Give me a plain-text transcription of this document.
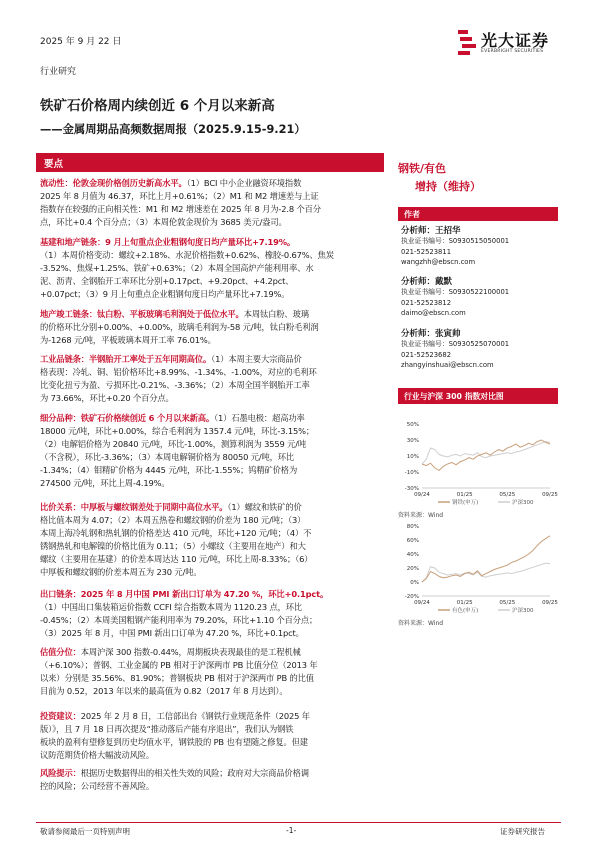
2025 年 9 月 22 日
行业研究
光大证券
EVERBRIGHT SECURITIES
铁矿石价格周内续创近 6 个月以来新高
——金属周期品高频数据周报（2025.9.15-9.21）
要点
流动性：伦敦金现价格创历史新高水平。（1）BCI 中小企业融资环境指数
2025 年 8 月值为 46.37，环比上月+0.61%；（2）M1 和 M2 增速差与上证
指数存在较强的正向相关性：M1 和 M2 增速差在 2025 年 8 月为-2.8 个百分
点，环比+0.4 个百分点；（3）本周伦敦金现价为 3685 美元/盎司。
基建和地产链条：9 月上旬重点企业粗钢旬度日均产量环比+7.19%。
（1）本周价格变动：螺纹+2.18%、水泥价格指数+0.62%、橡胶-0.67%、焦炭
-3.52%、焦煤+1.25%、铁矿+0.63%；（2）本周全国高炉产能利用率、水
泥、沥青、全钢胎开工率环比分别+0.17pct、+9.20pct、+4.2pct、
+0.07pct；（3）9 月上旬重点企业粗钢旬度日均产量环比+7.19%。
地产竣工链条：钛白粉、平板玻璃毛利润处于低位水平。本周钛白粉、玻璃
的价格环比分别+0.00%、+0.00%，玻璃毛利润为-58 元/吨，钛白粉毛利润
为-1268 元/吨，平板玻璃本周开工率 76.01%。
工业品链条：半钢胎开工率处于五年同期高位。（1）本周主要大宗商品价
格表现：冷轧、铜、铝价格环比+8.99%、-1.34%、-1.00%，对应的毛利环
比变化扭亏为盈、亏损环比-0.21%、-3.36%；（2）本周全国半钢胎开工率
为 73.66%，环比+0.20 个百分点。
细分品种：铁矿石价格续创近 6 个月以来新高。（1）石墨电极：超高功率
18000 元/吨，环比+0.00%，综合毛利润为 1357.4 元/吨，环比-3.15%；
（2）电解铝价格为 20840 元/吨，环比-1.00%，测算利润为 3559 元/吨
（不含税），环比-3.36%；（3）本周电解铜价格为 80050 元/吨，环比
-1.34%；（4）钼精矿价格为 4445 元/吨，环比-1.55%；钨精矿价格为
274500 元/吨，环比上周-4.19%。
比价关系：中厚板与螺纹钢差处于同期中高位水平。（1）螺纹和铁矿的价
格比值本周为 4.07；（2）本周五热卷和螺纹钢的价差为 180 元/吨；（3）
本周上海冷轧钢和热轧钢的价格差达 410 元/吨，环比+120 元/吨；（4）不
锈钢热轧和电解镍的价格比值为 0.11；（5）小螺纹（主要用在地产）和大
螺纹（主要用在基建）的价差本周达达 110 元/吨，环比上周-8.33%；（6）
中厚板和螺纹钢的价差本周五为 230 元/吨。
出口链条：2025 年 8 月中国 PMI 新出口订单为 47.20 %，环比+0.1pct。
（1）中国出口集装箱运价指数 CCFI 综合指数本周为 1120.23 点，环比
-0.45%；（2）本周美国粗钢产能利用率为 79.20%，环比+1.10 个百分点；
（3）2025 年 8 月，中国 PMI 新出口订单为 47.20 %，环比+0.1pct。
估值分位：本周沪深 300 指数-0.44%，周期板块表现最佳的是工程机械
（+6.10%）；普钢、工业金属的 PB 相对于沪深两市 PB 比值分位（2013 年
以来）分别是 35.56%、81.90%；普钢板块 PB 相对于沪深两市 PB 的比值
目前为 0.52，2013 年以来的最高值为 0.82（2017 年 8 月达到）。
投资建议：2025 年 2 月 8 日，工信部出台《钢铁行业规范条件（2025 年
版）》，且 7 月 18 日再次提及“推动落后产能有序退出”，我们认为钢铁
板块的盈利有望修复到历史均值水平，钢铁股的 PB 也有望随之修复。但建
议防范期货价格大幅波动风险。
风险提示：根据历史数据得出的相关性失效的风险；政府对大宗商品价格调
控的风险；公司经营不善风险。
钢铁/有色
增持（维持）
作者
分析师：王招华
执业证书编号：S0930515050001
021-52523811
wangzhh@ebscn.com
分析师：戴默
执业证书编号：S0930522100001
021-52523812
daimo@ebscn.com
分析师：张寅帅
执业证书编号：S0930525070001
021-52523682
zhangyinshuai@ebscn.com
行业与沪深 300 指数对比图
50%
30%
10%
-10%
-30%
09/24	01/25	05/25	09/25
钢铁(申万)	沪深300
资料来源：Wind
80%
60%
40%
20%
0%
-20%
09/24	01/25	05/25	09/25
有色(申万)	沪深300
资料来源：Wind
敬请参阅最后一页特别声明	-1-	证券研究报告
